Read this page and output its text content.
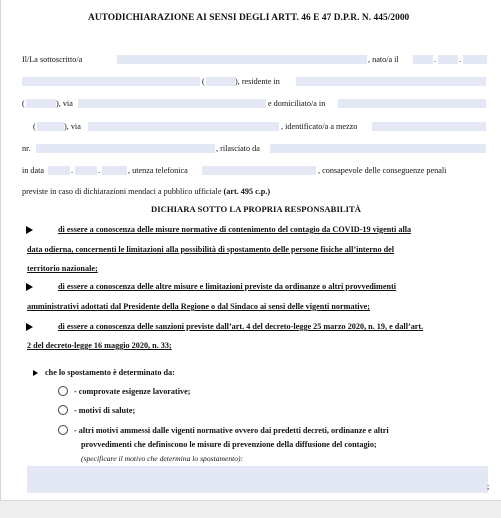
AUTODICHIARAZIONE AI SENSI DEGLI ARTT. 46 E 47 D.P.R. N. 445/2000
Il/La sottoscritto/a	, nato/a il	.	.
(	), residente in
(	), via	e domiciliato/a in
(	), via	, identificato/a a mezzo
nr.	, rilasciato da
in data	.	.	, utenza telefonica	, consapevole delle conseguenze penali
previste in caso di dichiarazioni mendaci a pubblico ufficiale (art. 495 c.p.)
DICHIARA SOTTO LA PROPRIA RESPONSABILITÀ
di essere a conoscenza delle misure normative di contenimento del contagio da COVID-19 vigenti alla
data odierna, concernenti le limitazioni alla possibilità di spostamento delle persone fisiche all’interno del
territorio nazionale;
di essere a conoscenza delle altre misure e limitazioni previste da ordinanze o altri provvedimenti
amministrativi adottati dal Presidente della Regione o dal Sindaco ai sensi delle vigenti normative;
di essere a conoscenza delle sanzioni previste dall’art. 4 del decreto-legge 25 marzo 2020, n. 19, e dall’art.
2 del decreto-legge 16 maggio 2020, n. 33;
che lo spostamento è determinato da:
- comprovate esigenze lavorative;
- motivi di salute;
- altri motivi ammessi dalle vigenti normative ovvero dai predetti decreti, ordinanze e altri
provvedimenti che definiscono le misure di prevenzione della diffusione del contagio;
(specificare il motivo che determina lo spostamento):
;
